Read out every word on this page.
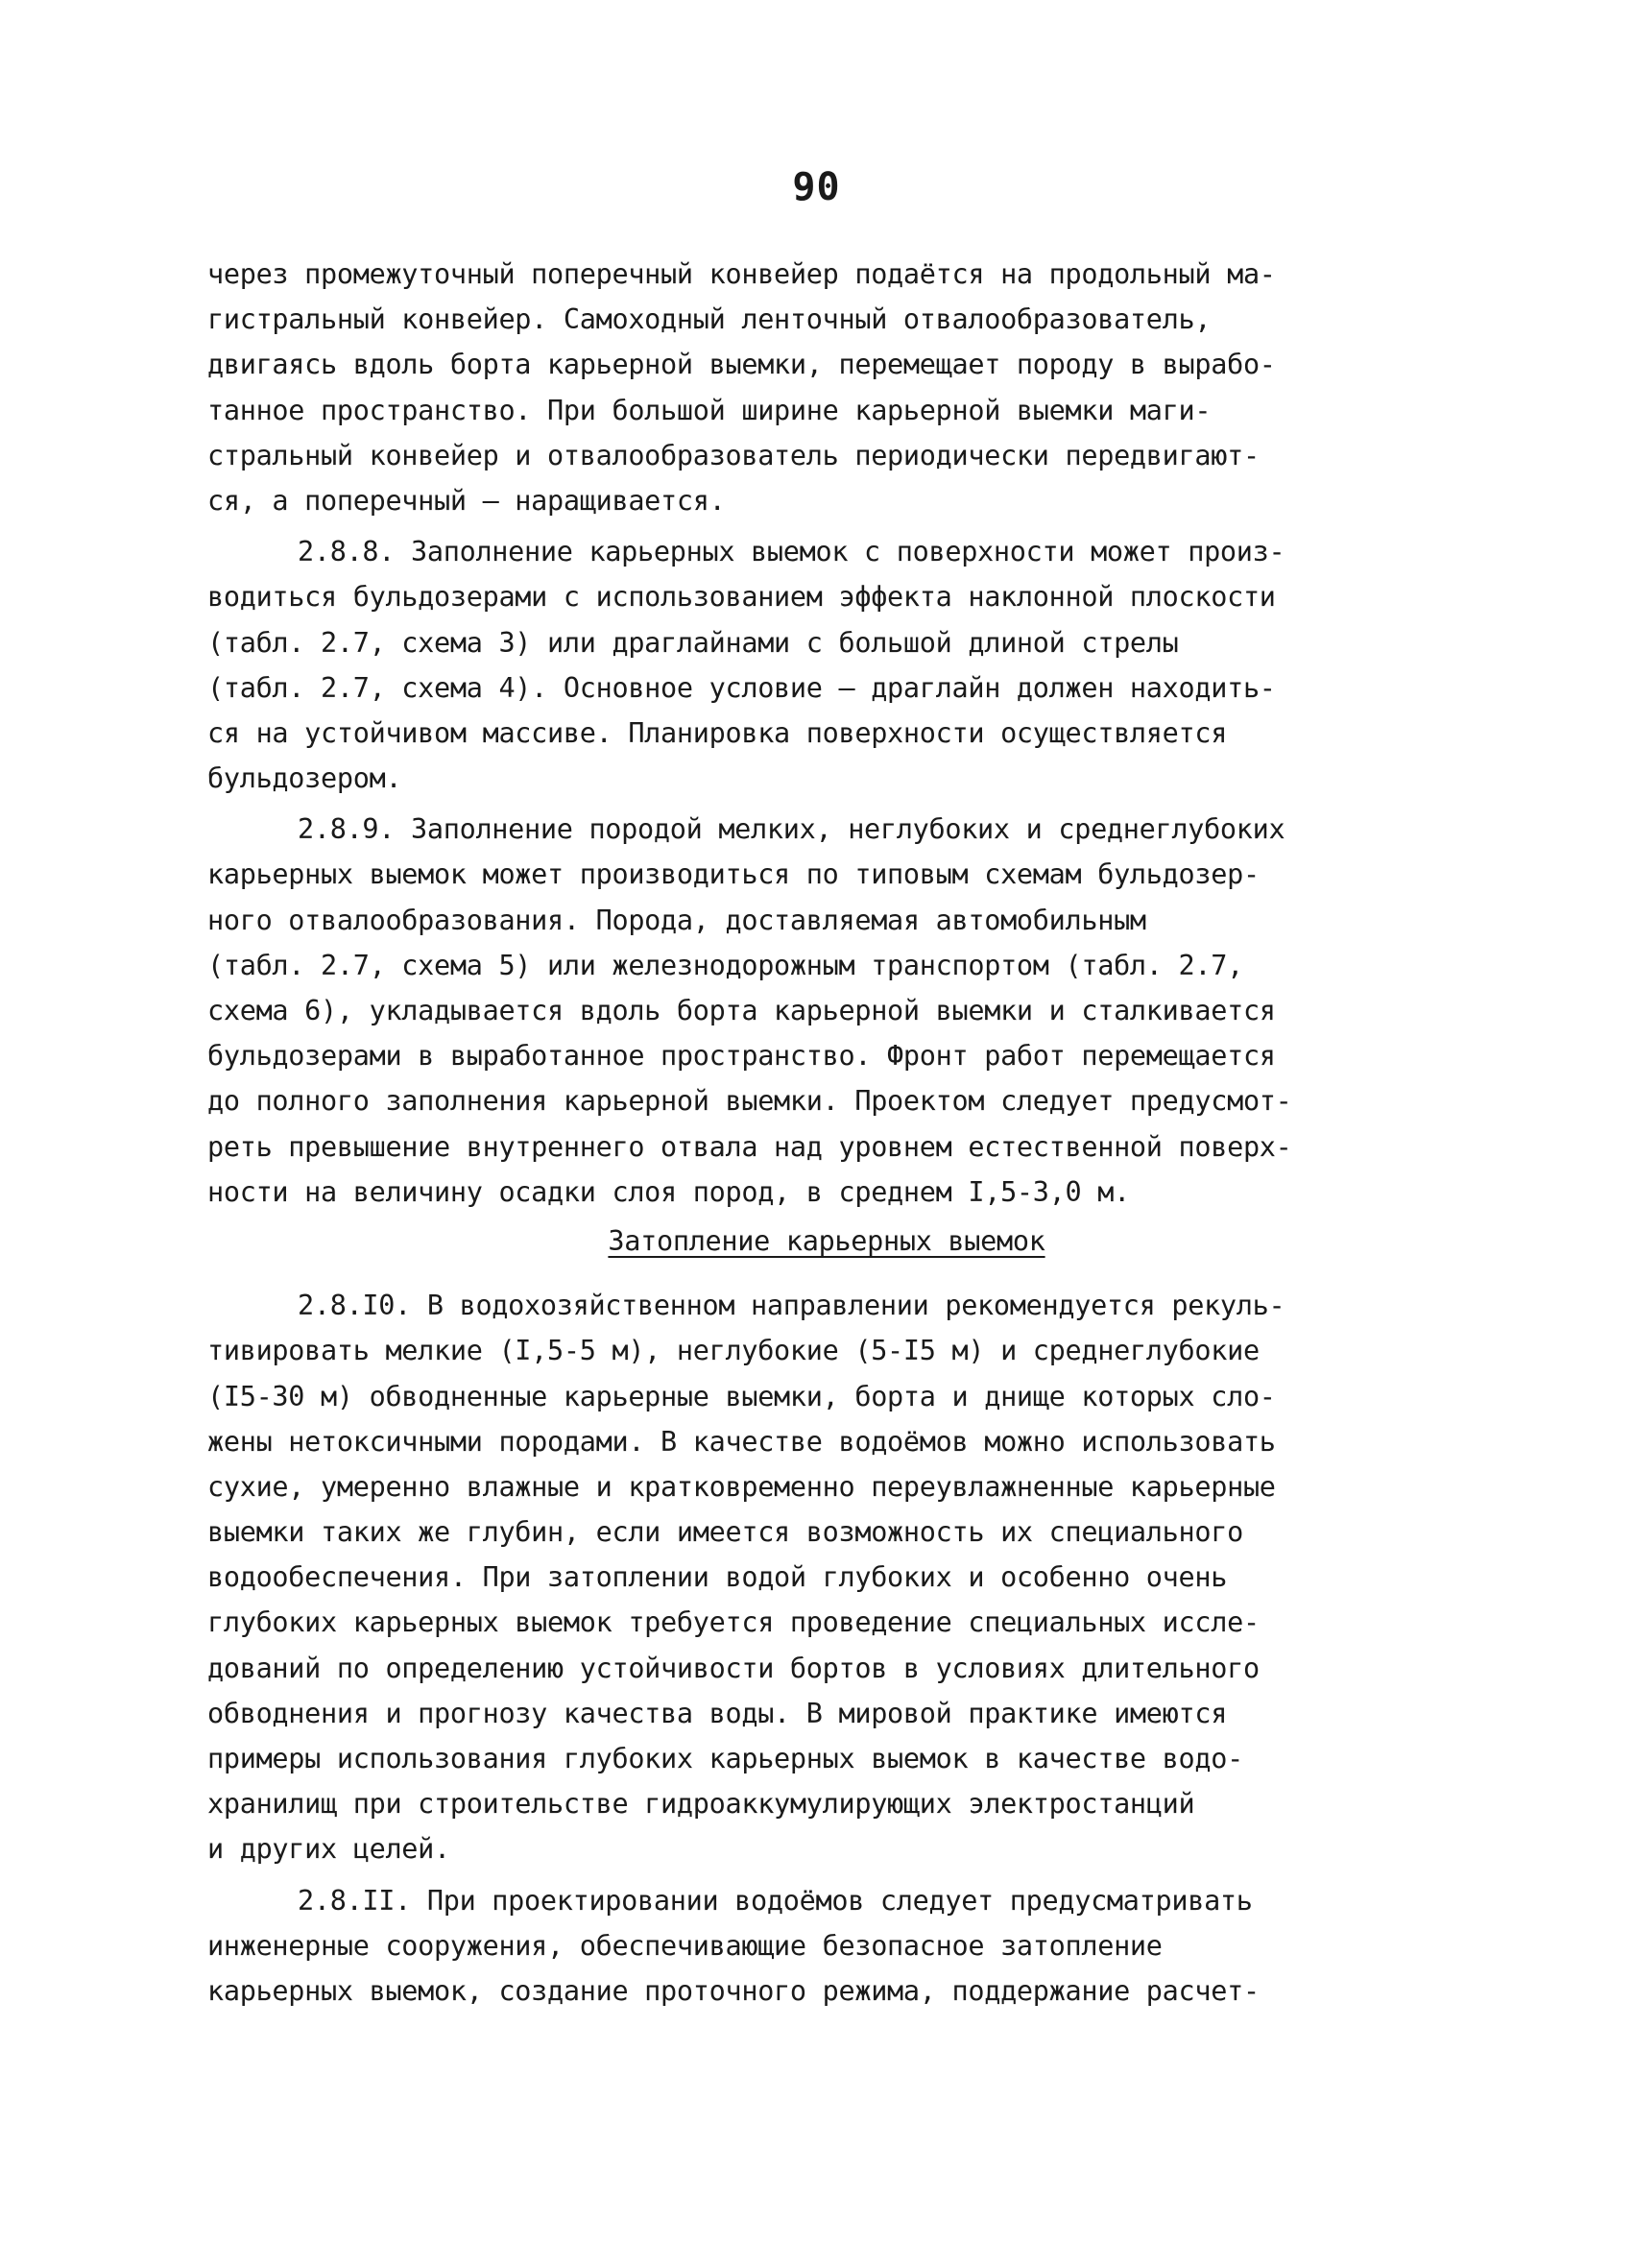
90
через промежуточный поперечный конвейер подаётся на продольный ма-
гистральный конвейер. Самоходный ленточный отвалообразователь,
двигаясь вдоль борта карьерной выемки, перемещает породу в вырабо-
танное пространство. При большой ширине карьерной выемки маги-
стральный конвейер и отвалообразователь периодически передвигают-
ся, а поперечный – наращивается.
2.8.8. Заполнение карьерных выемок с поверхности может произ-
водиться бульдозерами с использованием эффекта наклонной плоскости
(табл. 2.7, схема 3) или драглайнами с большой длиной стрелы
(табл. 2.7, схема 4). Основное условие – драглайн должен находить-
ся на устойчивом массиве. Планировка поверхности осуществляется
бульдозером.
2.8.9. Заполнение породой мелких, неглубоких и среднеглубоких
карьерных выемок может производиться по типовым схемам бульдозер-
ного отвалообразования. Порода, доставляемая автомобильным
(табл. 2.7, схема 5) или железнодорожным транспортом (табл. 2.7,
схема 6), укладывается вдоль борта карьерной выемки и сталкивается
бульдозерами в выработанное пространство. Фронт работ перемещается
до полного заполнения карьерной выемки. Проектом следует предусмот-
реть превышение внутреннего отвала над уровнем естественной поверх-
ности на величину осадки слоя пород, в среднем I,5-3,0 м.
Затопление карьерных выемок
2.8.I0. В водохозяйственном направлении рекомендуется рекуль-
тивировать мелкие (I,5-5 м), неглубокие (5-I5 м) и среднеглубокие
(I5-30 м) обводненные карьерные выемки, борта и днище которых сло-
жены нетоксичными породами. В качестве водоёмов можно использовать
сухие, умеренно влажные и кратковременно переувлажненные карьерные
выемки таких же глубин, если имеется возможность их специального
водообеспечения. При затоплении водой глубоких и особенно очень
глубоких карьерных выемок требуется проведение специальных иссле-
дований по определению устойчивости бортов в условиях длительного
обводнения и прогнозу качества воды. В мировой практике имеются
примеры использования глубоких карьерных выемок в качестве водо-
хранилищ при строительстве гидроаккумулирующих электростанций
и других целей.
2.8.II. При проектировании водоёмов следует предусматривать
инженерные сооружения, обеспечивающие безопасное затопление
карьерных выемок, создание проточного режима, поддержание расчет-
